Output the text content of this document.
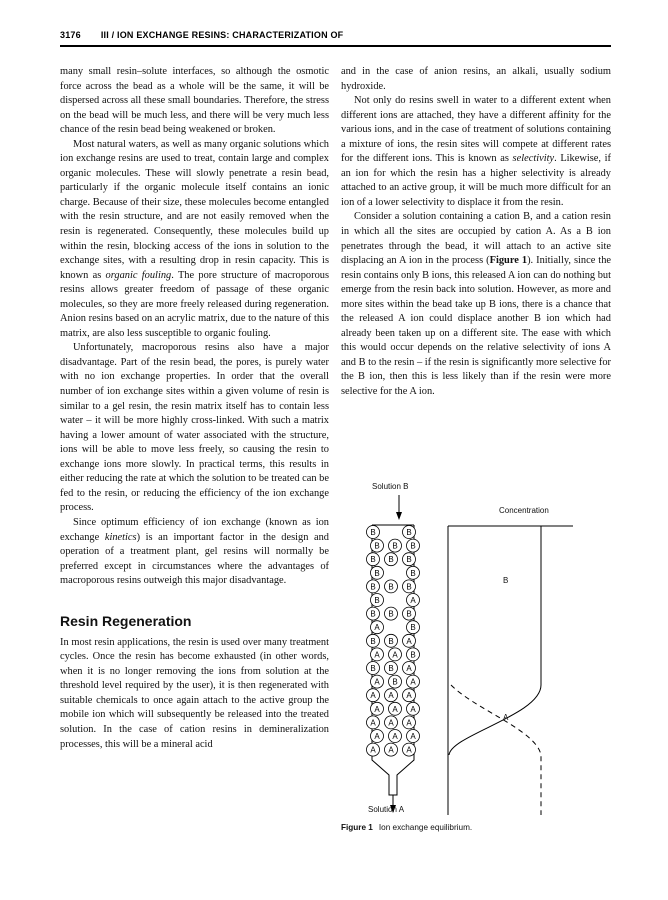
3176 III / ION EXCHANGE RESINS: CHARACTERIZATION OF

many small resin–solute interfaces, so although the osmotic force across the bead as a whole will be the same, it will be dispersed across all these small boundaries. Therefore, the stress on the bead will be much less, and there will be very much less chance of the resin bead being weakened or broken.

Most natural waters, as well as many organic solutions which ion exchange resins are used to treat, contain large and complex organic molecules. These will slowly penetrate a resin bead, particularly if the organic molecule itself contains an ionic charge. Because of their size, these molecules become entangled with the resin structure, and are not easily removed when the resin is regenerated. Consequently, these molecules build up within the resin, blocking access of the ions in solution to the exchange sites, with a resulting drop in resin capacity. This is known as organic fouling. The pore structure of macroporous resins allows greater freedom of passage of these organic molecules, so they are more freely released during regeneration. Anion resins based on an acrylic matrix, due to the nature of this matrix, are also less susceptible to organic fouling.

Unfortunately, macroporous resins also have a major disadvantage. Part of the resin bead, the pores, is purely water with no ion exchange properties. In order that the overall number of ion exchange sites within a given volume of resin is similar to a gel resin, the resin matrix itself has to contain less water – it will be more highly cross-linked. With such a matrix having a lower amount of water associated with the structure, ions will be able to move less freely, so causing the resin to exchange ions more slowly. In practical terms, this results in either reducing the rate at which the solution to be treated can be fed to the resin, or reducing the efficiency of the ion exchange process.

Since optimum efficiency of ion exchange (known as ion exchange kinetics) is an important factor in the design and operation of a treatment plant, gel resins will normally be preferred except in circumstances where the advantages of macroporous resins outweigh this major disadvantage.

Resin Regeneration

In most resin applications, the resin is used over many treatment cycles. Once the resin has become exhausted (in other words, when it is no longer removing the ions from solution at the threshold level required by the user), it is then regenerated with suitable chemicals to once again attach to the active group the mobile ion which will subsequently be released into the treated solution. In the case of cation resins in demineralization processes, this will be a mineral acid

and in the case of anion resins, an alkali, usually sodium hydroxide.

Not only do resins swell in water to a different extent when different ions are attached, they have a different affinity for the various ions, and in the case of treatment of solutions containing a mixture of ions, the resin sites will compete at different rates for the different ions. This is known as selectivity. Likewise, if an ion for which the resin has a higher selectivity is already attached to an active group, it will be much more difficult for an ion of a lower selectivity to displace it from the resin.

Consider a solution containing a cation B, and a cation resin in which all the sites are occupied by cation A. As a B ion penetrates through the bead, it will attach to an active site displacing an A ion in the process (Figure 1). Initially, since the resin contains only B ions, this released A ion can do nothing but emerge from the resin back into solution. However, as more and more sites within the bead take up B ions, there is a chance that the released A ion could displace another B ion which had already been taken up on a different site. The ease with which this would occur depends on the relative selectivity of ions A and B to the resin – if the resin is significantly more selective for the B ion, then this is less likely than if the resin were more selective for the A ion.

B	B
B B B
B B B
B	B
B B B
B	A
B B B
A	B
B B A
A A B
B B A
A B A
A A A
A A A
A A A
A A A
A A A
Solution B
Concentration
B
A
Solution A
Figure 1 Ion exchange equilibrium.
